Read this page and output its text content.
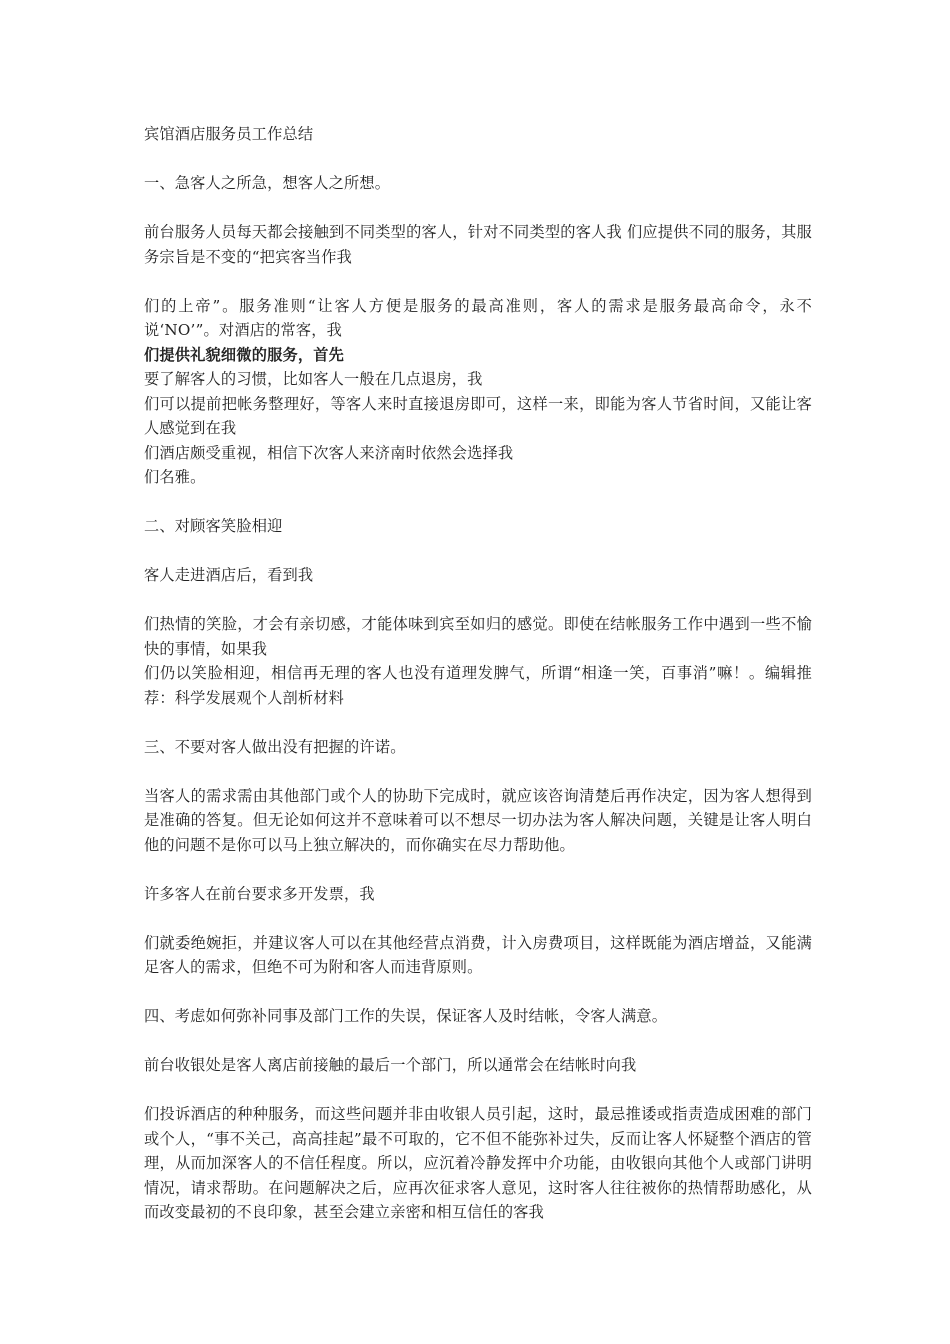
宾馆酒店服务员工作总结

一、急客人之所急，想客人之所想。

前台服务人员每天都会接触到不同类型的客人，针对不同类型的客人我 们应提供不同的服务，其服务宗旨是不变的“把宾客当作我

们的上帝”。服务准则“让客人方便是服务的最高准则，客人的需求是服务最高命令，永不说‘NO’”。对酒店的常客，我

们提供礼貌细微的服务，首先

要了解客人的习惯，比如客人一般在几点退房，我

们可以提前把帐务整理好，等客人来时直接退房即可，这样一来，即能为客人节省时间，又能让客人感觉到在我

们酒店颇受重视，相信下次客人来济南时依然会选择我

们名雅。

二、对顾客笑脸相迎

客人走进酒店后，看到我

们热情的笑脸，才会有亲切感，才能体味到宾至如归的感觉。即使在结帐服务工作中遇到一些不愉快的事情，如果我

们仍以笑脸相迎，相信再无理的客人也没有道理发脾气，所谓“相逢一笑，百事消”嘛！。编辑推荐：科学发展观个人剖析材料

三、不要对客人做出没有把握的许诺。

当客人的需求需由其他部门或个人的协助下完成时，就应该咨询清楚后再作决定，因为客人想得到是准确的答复。但无论如何这并不意味着可以不想尽一切办法为客人解决问题，关键是让客人明白他的问题不是你可以马上独立解决的，而你确实在尽力帮助他。

许多客人在前台要求多开发票，我

们就委绝婉拒，并建议客人可以在其他经营点消费，计入房费项目，这样既能为酒店增益，又能满足客人的需求，但绝不可为附和客人而违背原则。

四、考虑如何弥补同事及部门工作的失误，保证客人及时结帐，令客人满意。

前台收银处是客人离店前接触的最后一个部门，所以通常会在结帐时向我

们投诉酒店的种种服务，而这些问题并非由收银人员引起，这时，最忌推诿或指责造成困难的部门或个人，“事不关己，高高挂起”最不可取的，它不但不能弥补过失，反而让客人怀疑整个酒店的管理，从而加深客人的不信任程度。所以，应沉着冷静发挥中介功能，由收银向其他个人或部门讲明情况，请求帮助。在问题解决之后，应再次征求客人意见，这时客人往往被你的热情帮助感化，从而改变最初的不良印象，甚至会建立亲密和相互信任的客我
